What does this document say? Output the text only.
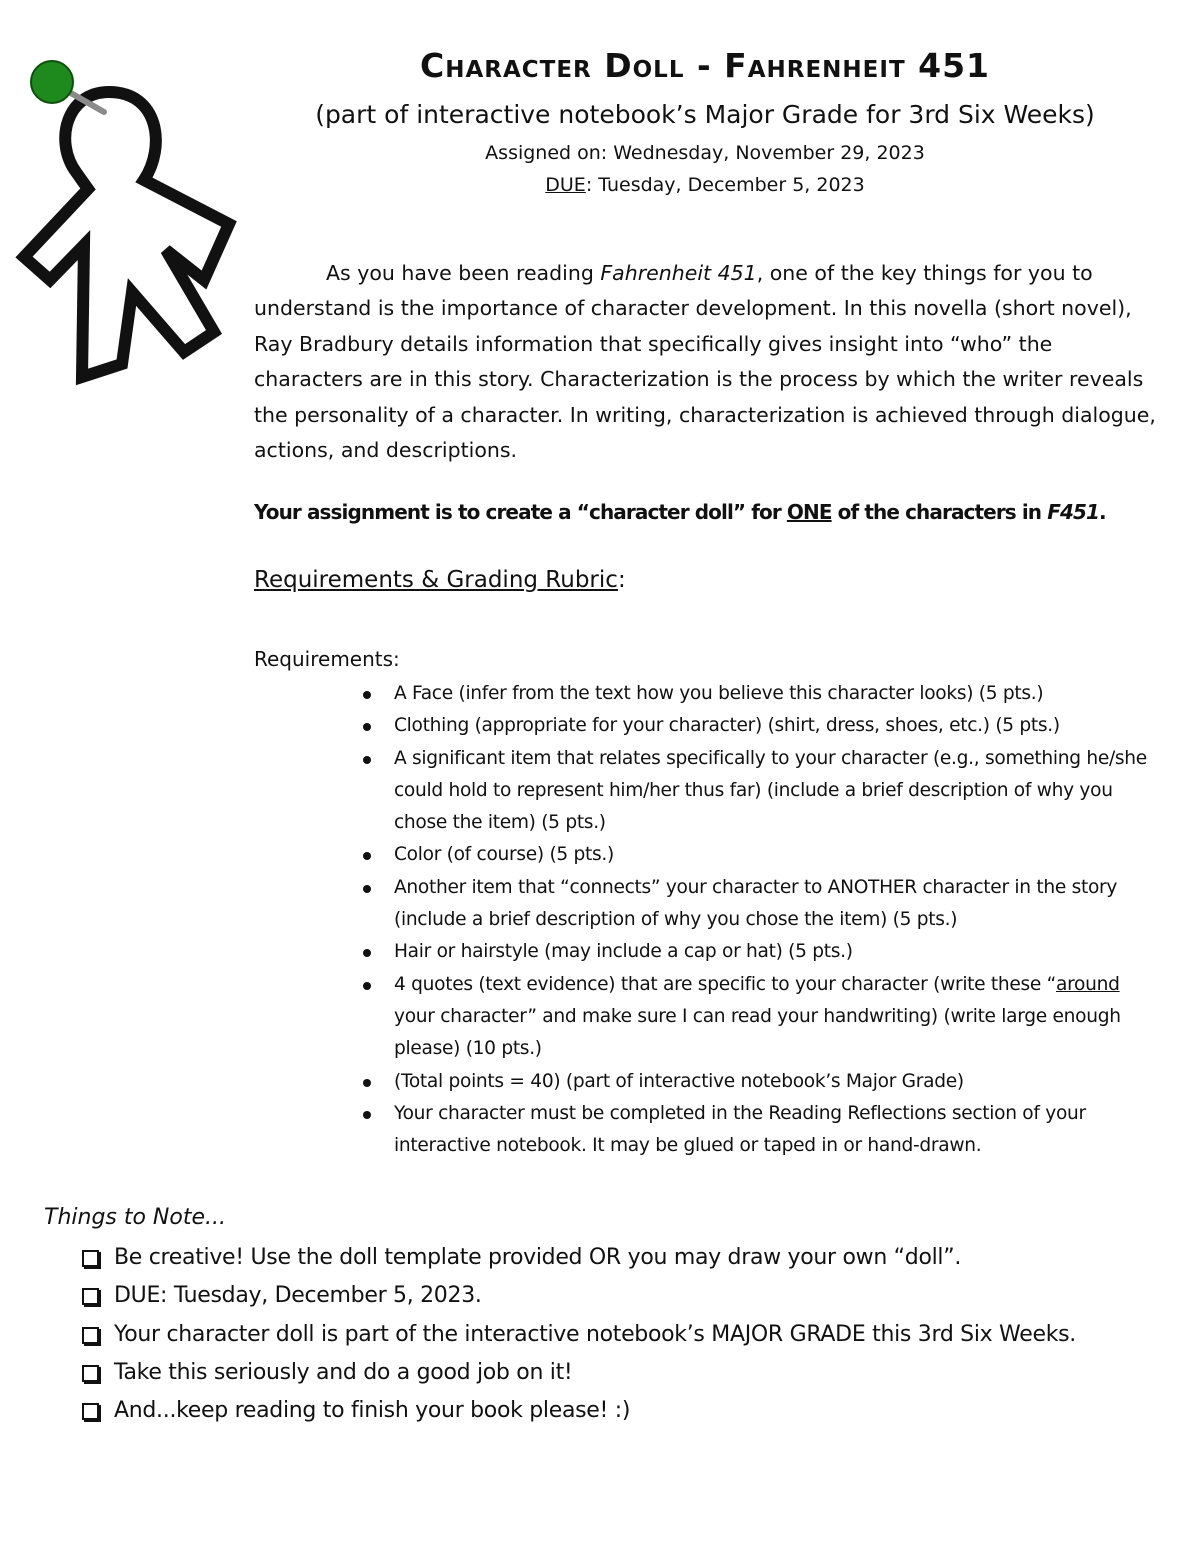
Character Doll - Fahrenheit 451
(part of interactive notebook’s Major Grade for 3rd Six Weeks)
Assigned on: Wednesday, November 29, 2023
DUE: Tuesday, December 5, 2023

As you have been reading Fahrenheit 451, one of the key things for you to understand is the importance of character development. In this novella (short novel), Ray Bradbury details information that specifically gives insight into “who” the characters are in this story. Characterization is the process by which the writer reveals the personality of a character. In writing, characterization is achieved through dialogue, actions, and descriptions.

Your assignment is to create a “character doll” for ONE of the characters in F451.

Requirements & Grading Rubric:
Requirements:
A Face (infer from the text how you believe this character looks) (5 pts.)
Clothing (appropriate for your character) (shirt, dress, shoes, etc.) (5 pts.)
A significant item that relates specifically to your character (e.g., something he/she could hold to represent him/her thus far) (include a brief description of why you chose the item) (5 pts.)
Color (of course) (5 pts.)
Another item that “connects” your character to ANOTHER character in the story (include a brief description of why you chose the item) (5 pts.)
Hair or hairstyle (may include a cap or hat) (5 pts.)
4 quotes (text evidence) that are specific to your character (write these “around your character” and make sure I can read your handwriting) (write large enough please) (10 pts.)
(Total points = 40) (part of interactive notebook’s Major Grade)
Your character must be completed in the Reading Reflections section of your interactive notebook. It may be glued or taped in or hand-drawn.
Things to Note...
Be creative! Use the doll template provided OR you may draw your own “doll”.
DUE: Tuesday, December 5, 2023.
Your character doll is part of the interactive notebook’s MAJOR GRADE this 3rd Six Weeks.
Take this seriously and do a good job on it!
And...keep reading to finish your book please! :)
